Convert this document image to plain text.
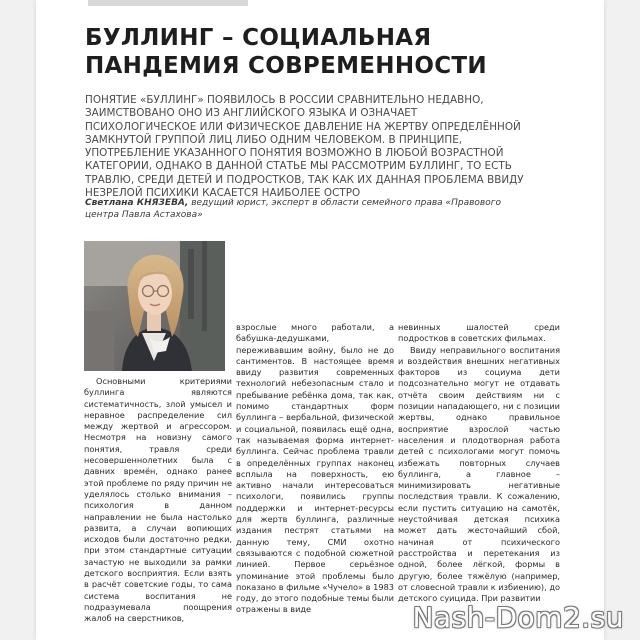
БУЛЛИНГ – СОЦИАЛЬНАЯ
ПАНДЕМИЯ СОВРЕМЕННОСТИ
ПОНЯТИЕ «БУЛЛИНГ» ПОЯВИЛОСЬ В РОССИИ СРАВНИТЕЛЬНО НЕДАВНО, ЗАИМСТВОВАНО ОНО ИЗ АНГЛИЙСКОГО ЯЗЫКА И ОЗНАЧАЕТ ПСИХОЛОГИЧЕСКОЕ ИЛИ ФИЗИЧЕСКОЕ ДАВЛЕНИЕ НА ЖЕРТВУ ОПРЕДЕЛЁННОЙ ЗАМКНУТОЙ ГРУППОЙ ЛИЦ ЛИБО ОДНИМ ЧЕЛОВЕКОМ. В ПРИНЦИПЕ, УПОТРЕБЛЕНИЕ УКАЗАННОГО ПОНЯТИЯ ВОЗМОЖНО В ЛЮБОЙ ВОЗРАСТНОЙ КАТЕГОРИИ, ОДНАКО В ДАННОЙ СТАТЬЕ МЫ РАССМОТРИМ БУЛЛИНГ, ТО ЕСТЬ ТРАВЛЮ, СРЕДИ ДЕТЕЙ И ПОДРОСТКОВ, ТАК КАК ИХ ДАННАЯ ПРОБЛЕМА ВВИДУ НЕЗРЕЛОЙ ПСИХИКИ КАСАЕТСЯ НАИБОЛЕЕ ОСТРО
Светлана КНЯЗЕВА, ведущий юрист, эксперт в области семейного права «Правового центра Павла Астахова»

Основными критериями буллинга являются систематичность, злой умысел и неравное распределение сил между жертвой и агрессором. Несмотря на новизну самого понятия, травля среди несовершеннолетних была с давних времён, однако ранее этой проблеме по ряду причин не уделялось столько внимания – психология в данном направлении не была настолько развита, а случаи вопиющих исходов были достаточно редки, при этом стандартные ситуации зачастую не выходили за рамки детского восприятия. Если взять в расчёт советские годы, то сама система воспитания не подразумевала поощрения жалоб на сверстников,

взрослые много работали, а бабушка-дедушками, переживавшим войну, было не до сантиментов. В настоящее время ввиду развития современных технологий небезопасным стало и пребывание ребёнка дома, так как, помимо стандартных форм буллинга – вербальной, физической и социальной, появилась ещё одна, так называемая форма интернет-буллинга. Сейчас проблема травли в определённых группах наконец всплыла на поверхность, ею активно начали интересоваться психологи, появились группы поддержки и интернет-ресурсы для жертв буллинга, различные издания пестрят статьями на данную тему, СМИ охотно связываются с подобной сюжетной линией. Первое серьёзное упоминание этой проблемы было показано в фильме «Чучело» в 1983 году, до этого подобные темы были отражены в виде

невинных шалостей среди подростков в советских фильмах.

Ввиду неправильного воспитания и воздействия внешних негативных факторов из социума дети подсознательно могут не отдавать отчёта своим действиям ни с позиции нападающего, ни с позиции жертвы, однако правильное восприятие взрослой частью населения и плодотворная работа детей с психологами могут помочь избежать повторных случаев буллинга, а главное – минимизировать негативные последствия травли. К сожалению, если пустить ситуацию на самотёк, неустойчивая детская психика может дать жесточайший сбой, начиная от психического расстройства и перетекания из одной, более лёгкой, формы в другую, более тяжёлую (например, от словесной травли к избиению), до детского суицида. При развитии

Nash-Dom2.su
